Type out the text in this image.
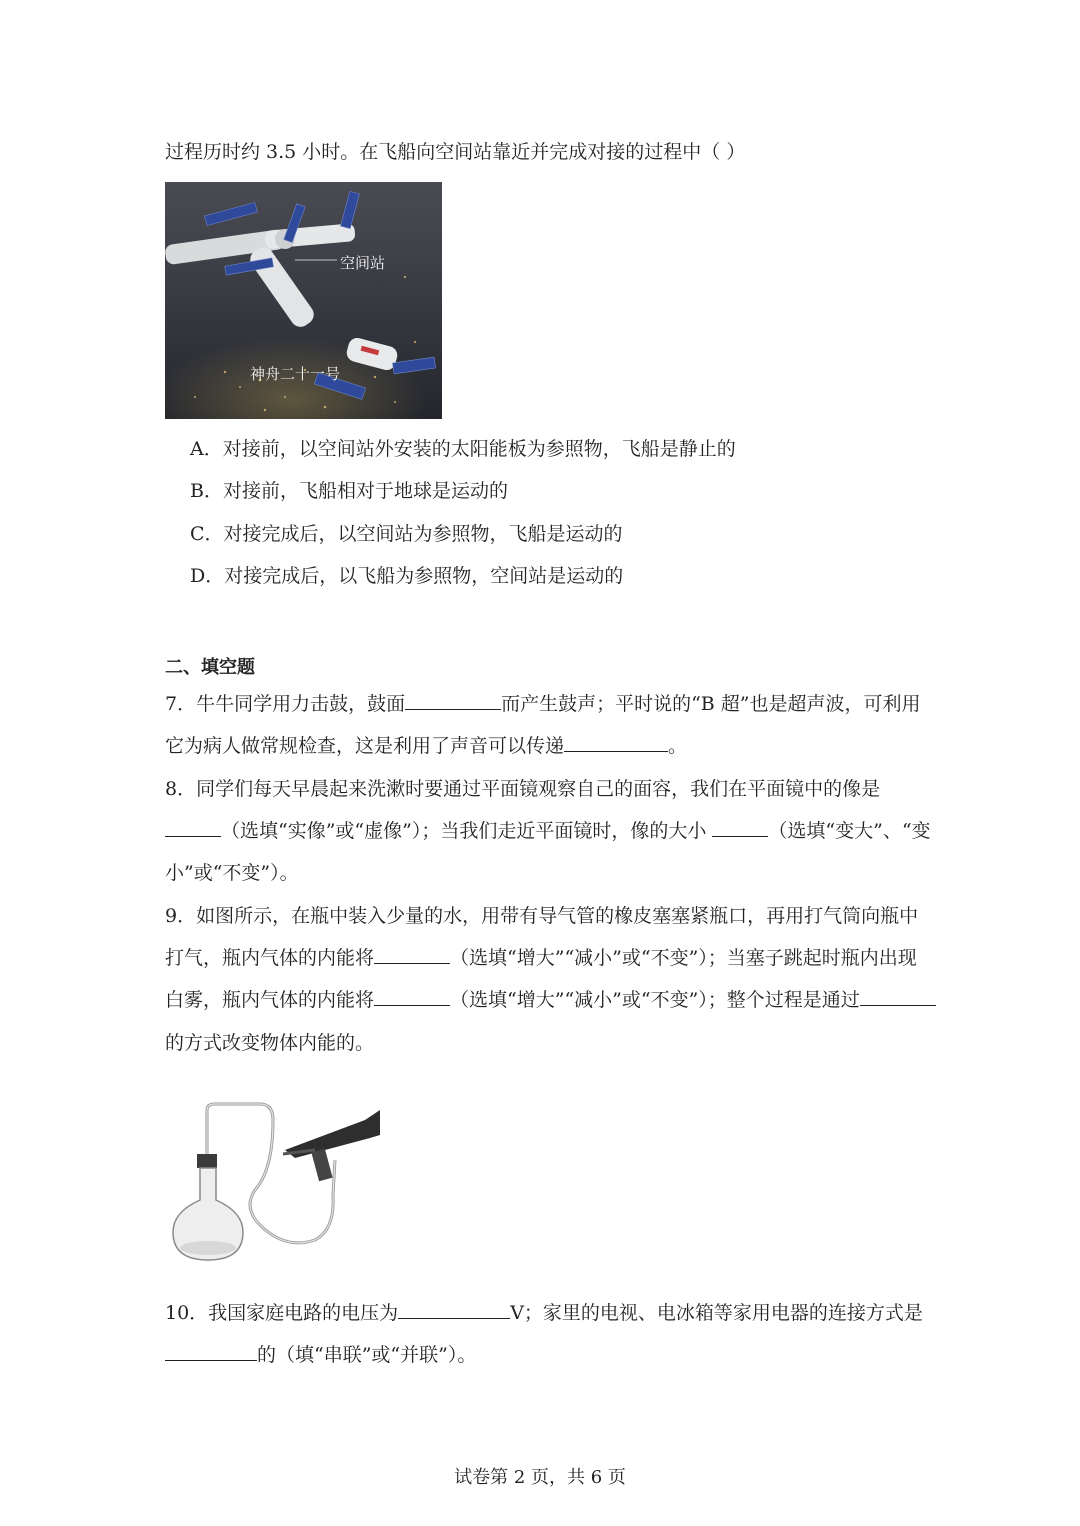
过程历时约 3.5 小时。在飞船向空间站靠近并完成对接的过程中（ ）
空间站
神舟二十一号
A．对接前，以空间站外安装的太阳能板为参照物，飞船是静止的
B．对接前，飞船相对于地球是运动的
C．对接完成后，以空间站为参照物，飞船是运动的
D．对接完成后，以飞船为参照物，空间站是运动的
二、填空题
7．牛牛同学用力击鼓，鼓面	而产生鼓声；平时说的“B 超”也是超声波，可利用
它为病人做常规检查，这是利用了声音可以传递	。
8．同学们每天早晨起来洗漱时要通过平面镜观察自己的面容，我们在平面镜中的像是
（选填“实像”或“虚像”）；当我们走近平面镜时，像的大小	（选填“变大”、“变
小”或“不变”）。
9．如图所示，在瓶中装入少量的水，用带有导气管的橡皮塞塞紧瓶口，再用打气筒向瓶中
打气，瓶内气体的内能将	（选填“增大”“减小”或“不变”）；当塞子跳起时瓶内出现
白雾，瓶内气体的内能将	（选填“增大”“减小”或“不变”）；整个过程是通过
的方式改变物体内能的。
10．我国家庭电路的电压为	V；家里的电视、电冰箱等家用电器的连接方式是
的（填“串联”或“并联”）。
试卷第 2 页，共 6 页
